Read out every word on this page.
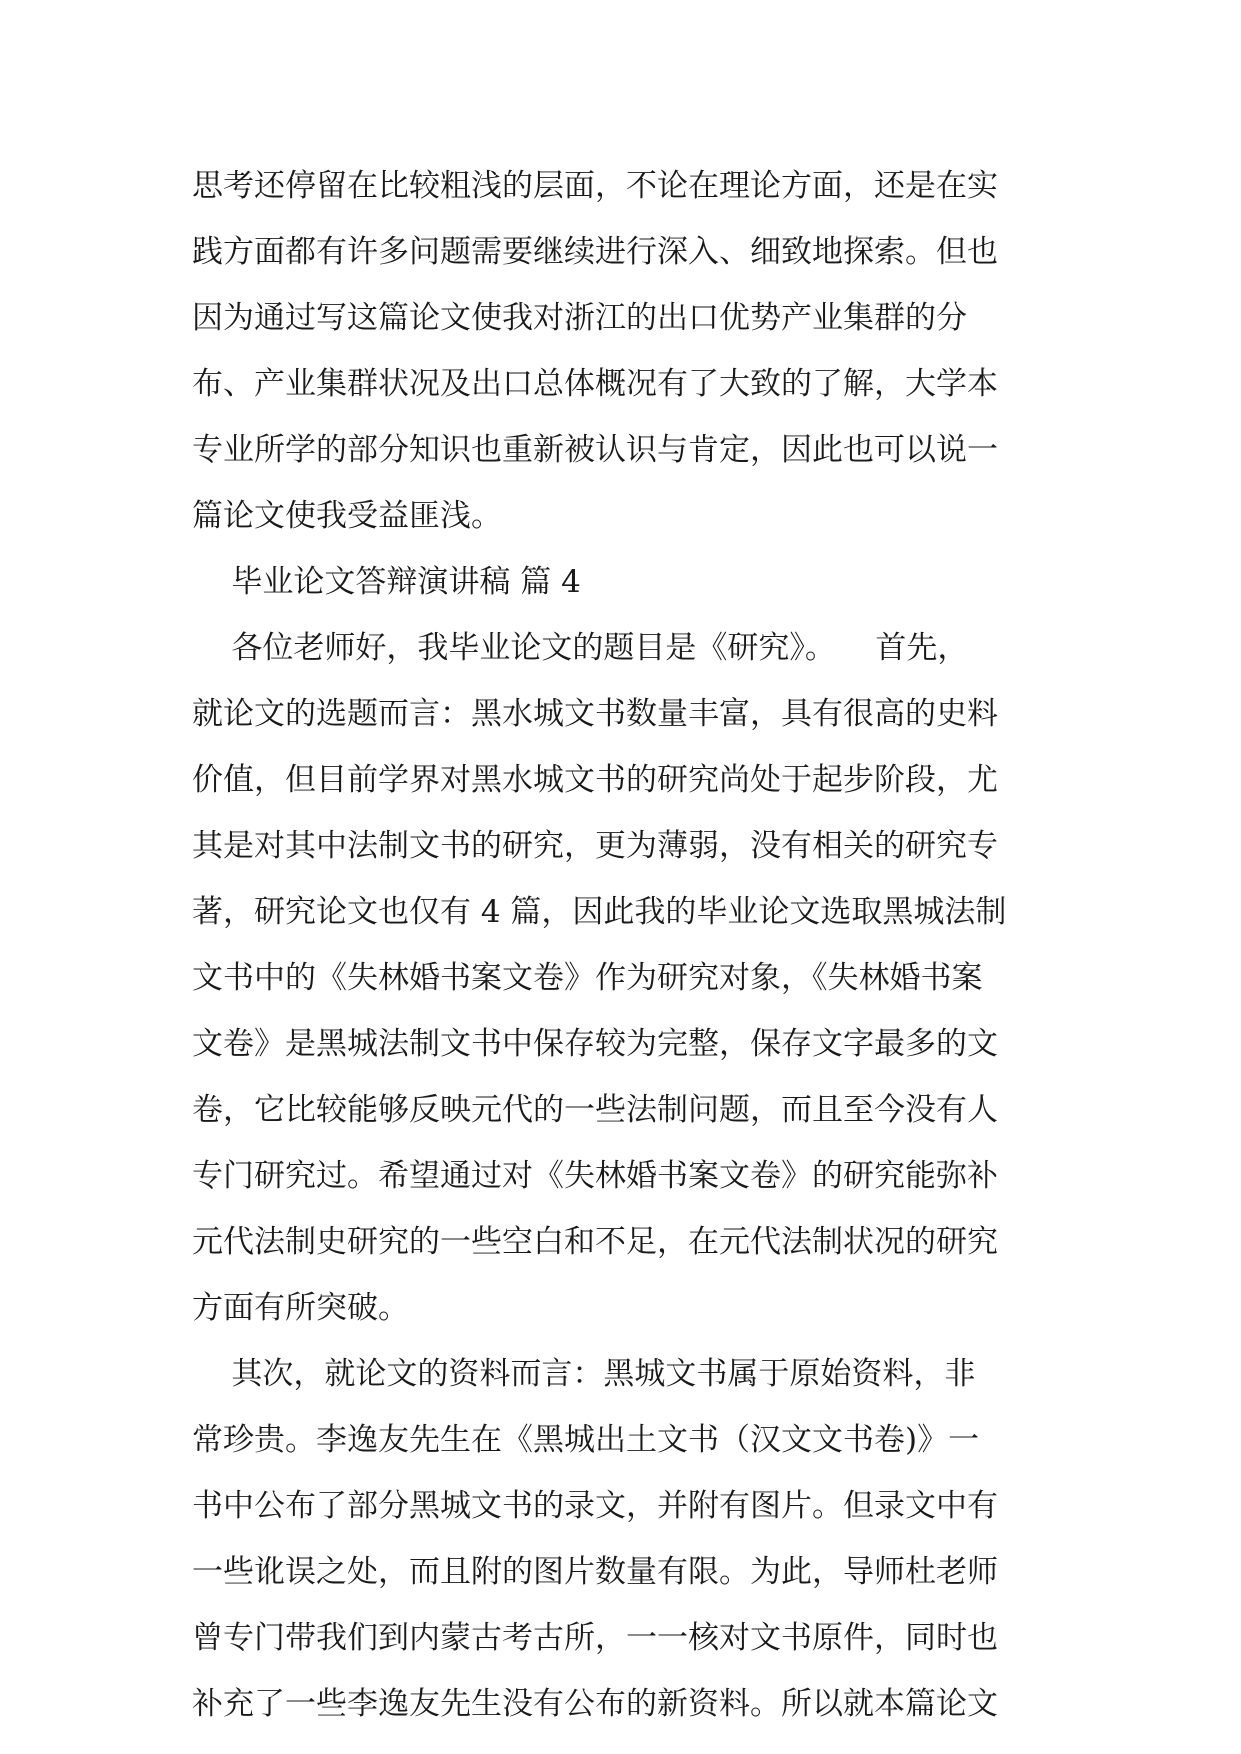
思考还停留在比较粗浅的层面，不论在理论方面，还是在实
践方面都有许多问题需要继续进行深入、细致地探索。但也
因为通过写这篇论文使我对浙江的出口优势产业集群的分
布、产业集群状况及出口总体概况有了大致的了解，大学本
专业所学的部分知识也重新被认识与肯定，因此也可以说一
篇论文使我受益匪浅。
毕业论文答辩演讲稿 篇 4
各位老师好，我毕业论文的题目是《研究》。    首先，
就论文的选题而言：黑水城文书数量丰富，具有很高的史料
价值，但目前学界对黑水城文书的研究尚处于起步阶段，尤
其是对其中法制文书的研究，更为薄弱，没有相关的研究专
著，研究论文也仅有 4 篇，因此我的毕业论文选取黑城法制
文书中的《失林婚书案文卷》作为研究对象，《失林婚书案
文卷》是黑城法制文书中保存较为完整，保存文字最多的文
卷，它比较能够反映元代的一些法制问题，而且至今没有人
专门研究过。希望通过对《失林婚书案文卷》的研究能弥补
元代法制史研究的一些空白和不足，在元代法制状况的研究
方面有所突破。
其次，就论文的资料而言：黑城文书属于原始资料，非
常珍贵。李逸友先生在《黑城出土文书（汉文文书卷)》一
书中公布了部分黑城文书的录文，并附有图片。但录文中有
一些讹误之处，而且附的图片数量有限。为此，导师杜老师
曾专门带我们到内蒙古考古所，一一核对文书原件，同时也
补充了一些李逸友先生没有公布的新资料。所以就本篇论文
